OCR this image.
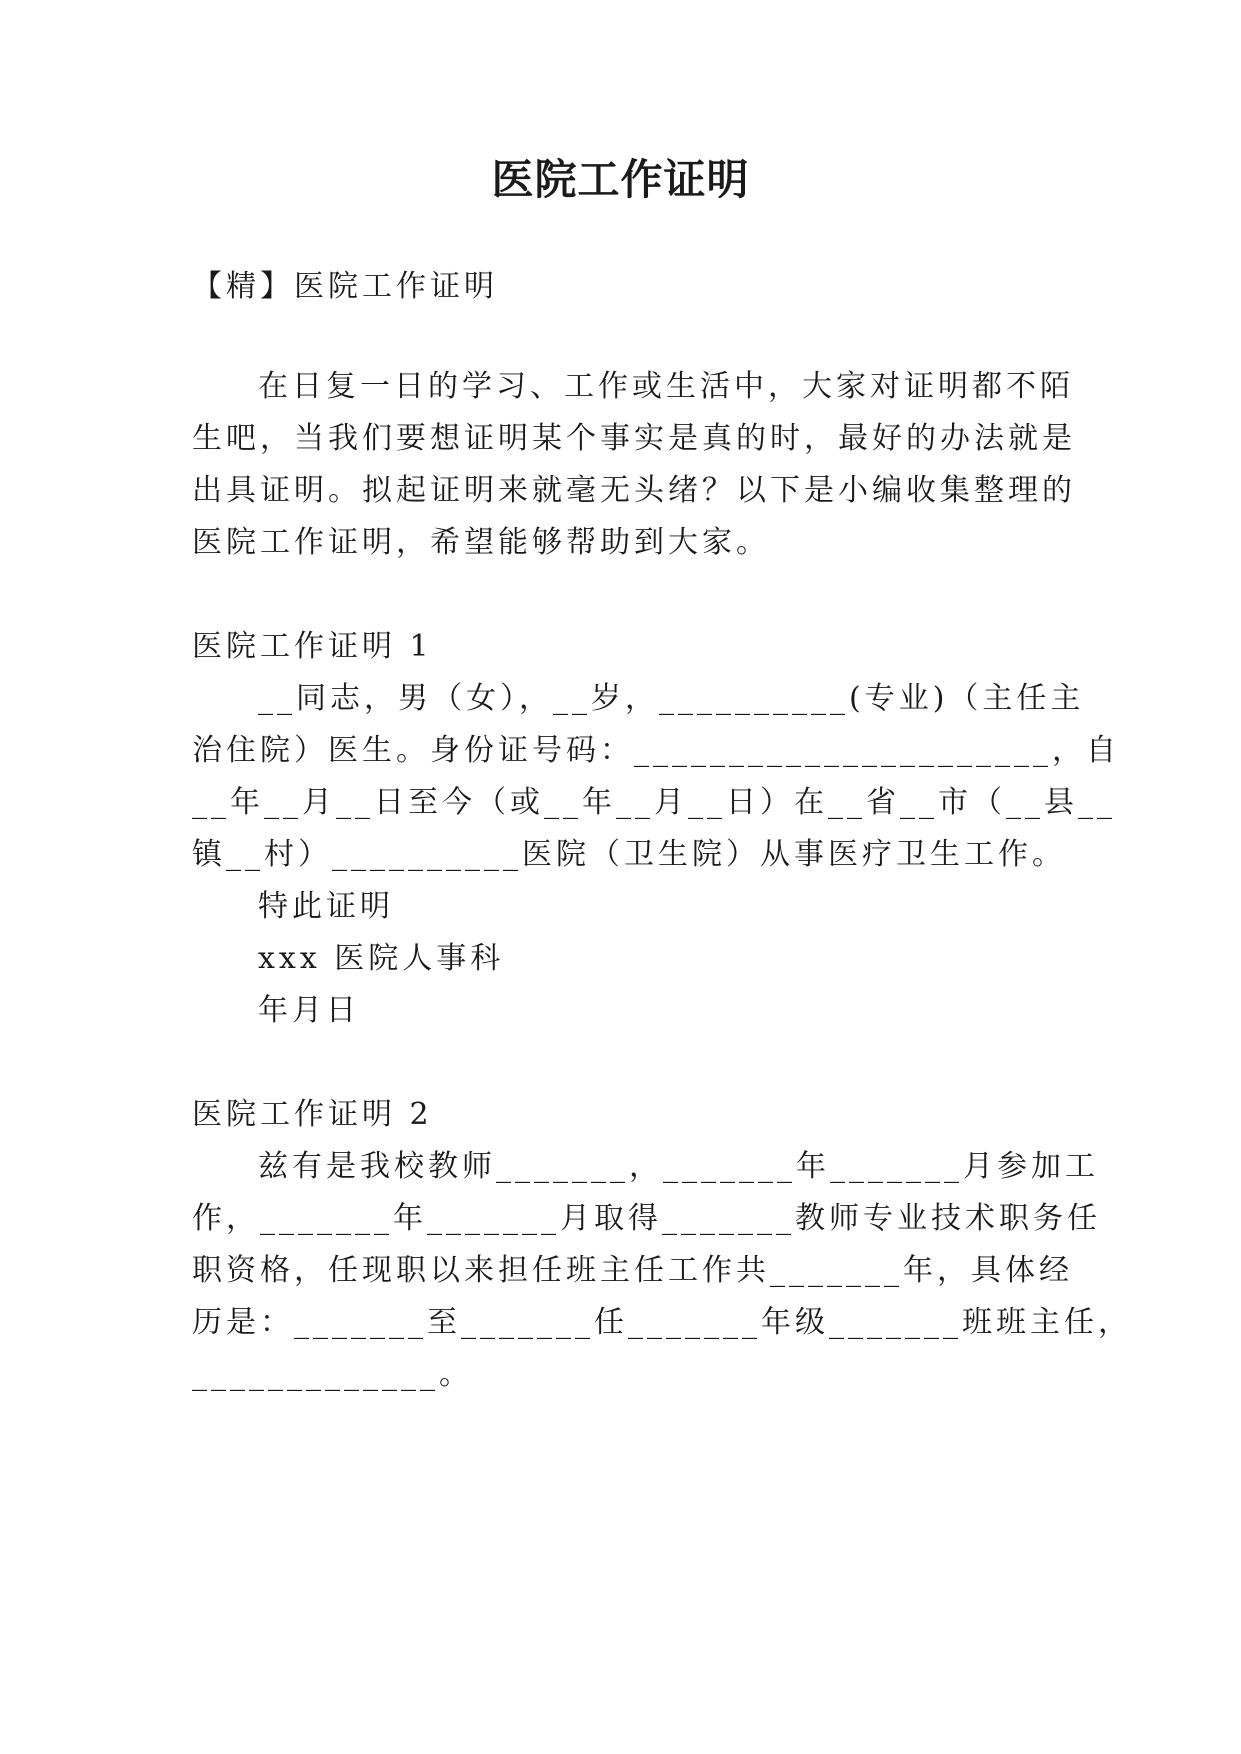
医院工作证明
【精】医院工作证明
在日复一日的学习、工作或生活中，大家对证明都不陌
生吧，当我们要想证明某个事实是真的时，最好的办法就是
出具证明。拟起证明来就毫无头绪？以下是小编收集整理的
医院工作证明，希望能够帮助到大家。
医院工作证明 1
__同志，男（女），__岁，__________(专业)（主任主
治住院）医生。身份证号码：______________________，自
__年__月__日至今（或__年__月__日）在__省__市（__县__
镇__村）__________医院（卫生院）从事医疗卫生工作。
特此证明
xxx 医院人事科
年月日
医院工作证明 2
兹有是我校教师_______，_______年_______月参加工
作，_______年_______月取得_______教师专业技术职务任
职资格，任现职以来担任班主任工作共_______年，具体经
历是：_______至_______任_______年级_______班班主任，
_____________。
